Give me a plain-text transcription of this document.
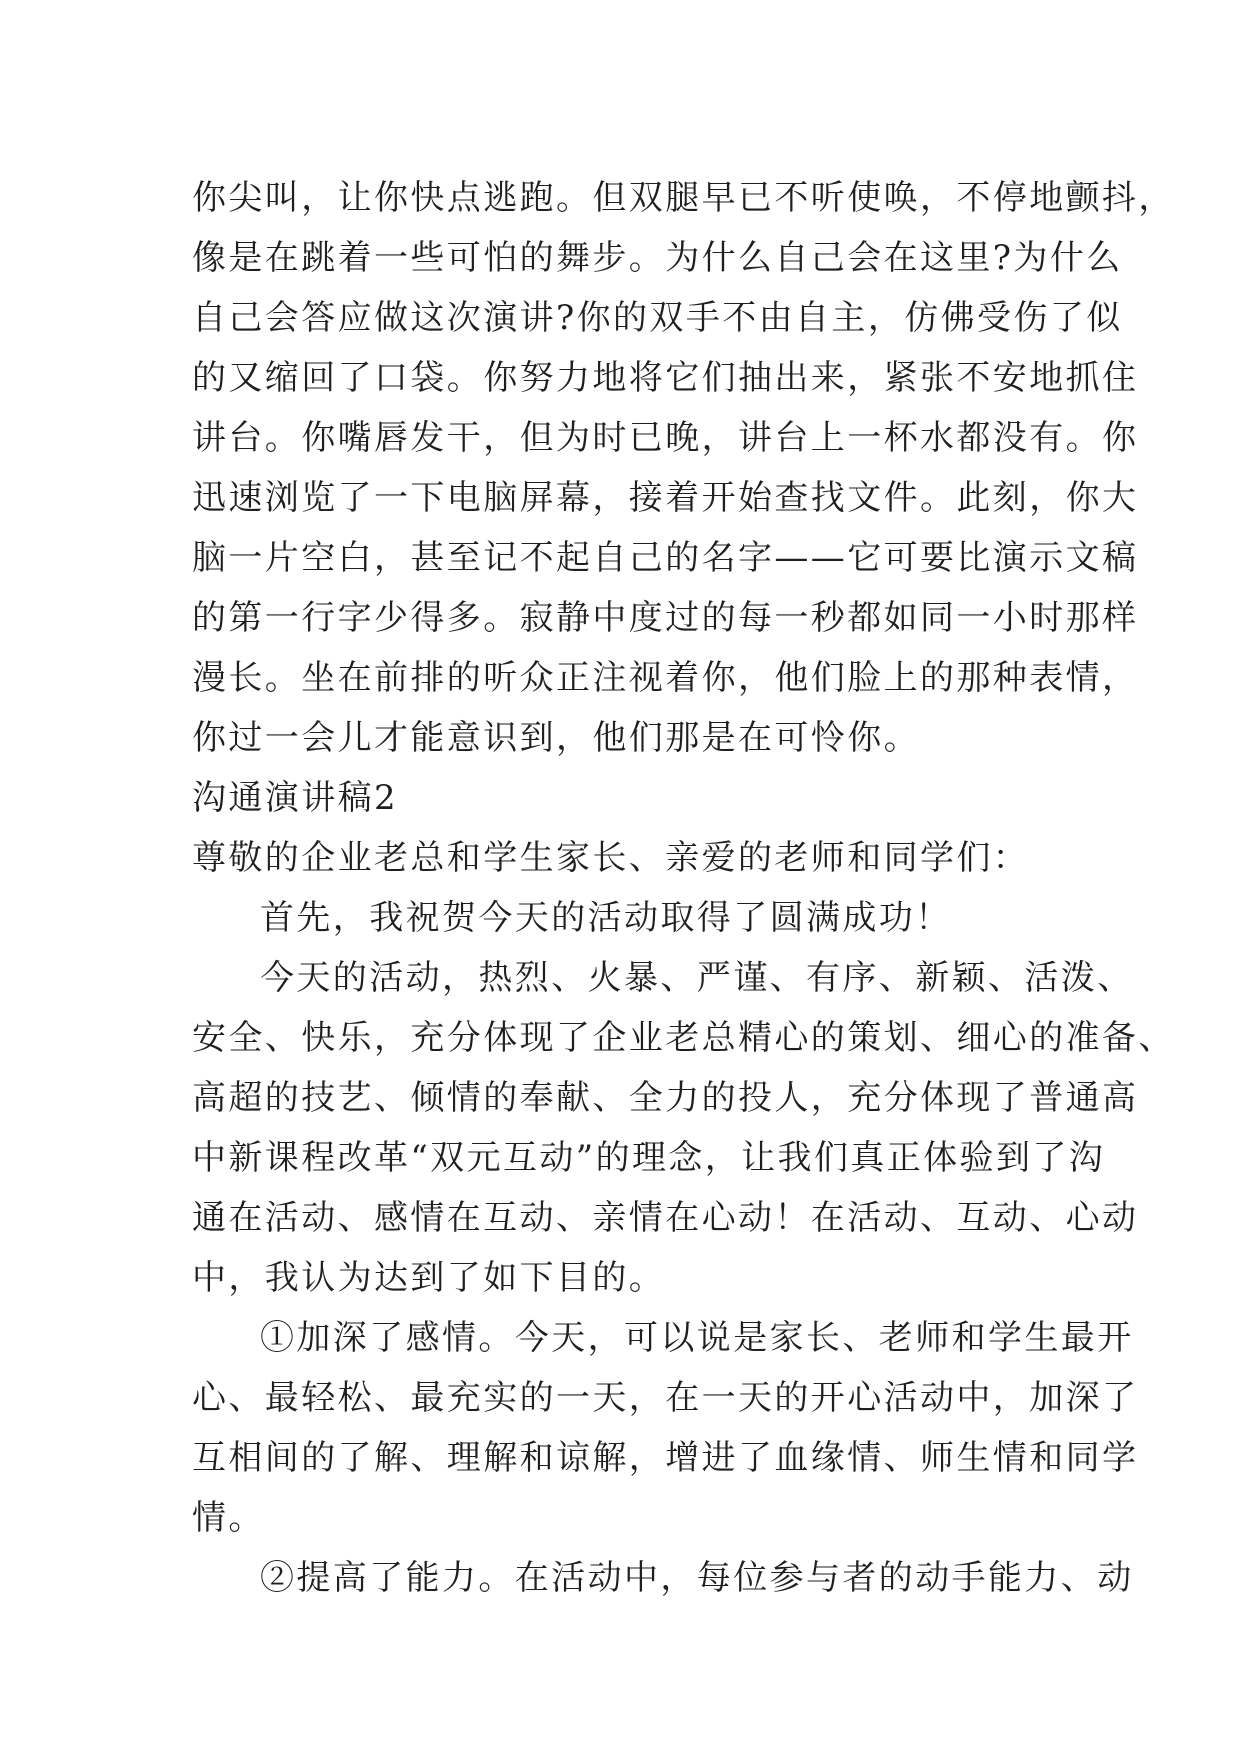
你尖叫，让你快点逃跑。但双腿早已不听使唤，不停地颤抖，
像是在跳着一些可怕的舞步。为什么自己会在这里?为什么
自己会答应做这次演讲?你的双手不由自主，仿佛受伤了似
的又缩回了口袋。你努力地将它们抽出来，紧张不安地抓住
讲台。你嘴唇发干，但为时已晚，讲台上一杯水都没有。你
迅速浏览了一下电脑屏幕，接着开始查找文件。此刻，你大
脑一片空白，甚至记不起自己的名字——它可要比演示文稿
的第一行字少得多。寂静中度过的每一秒都如同一小时那样
漫长。坐在前排的听众正注视着你，他们脸上的那种表情，
你过一会儿才能意识到，他们那是在可怜你。
沟通演讲稿2
尊敬的企业老总和学生家长、亲爱的老师和同学们：
首先，我祝贺今天的活动取得了圆满成功！
今天的活动，热烈、火暴、严谨、有序、新颖、活泼、
安全、快乐，充分体现了企业老总精心的策划、细心的准备、
高超的技艺、倾情的奉献、全力的投人，充分体现了普通高
中新课程改革“双元互动”的理念，让我们真正体验到了沟
通在活动、感情在互动、亲情在心动！在活动、互动、心动
中，我认为达到了如下目的。
①加深了感情。今天，可以说是家长、老师和学生最开
心、最轻松、最充实的一天，在一天的开心活动中，加深了
互相间的了解、理解和谅解，增进了血缘情、师生情和同学
情。
②提高了能力。在活动中，每位参与者的动手能力、动
